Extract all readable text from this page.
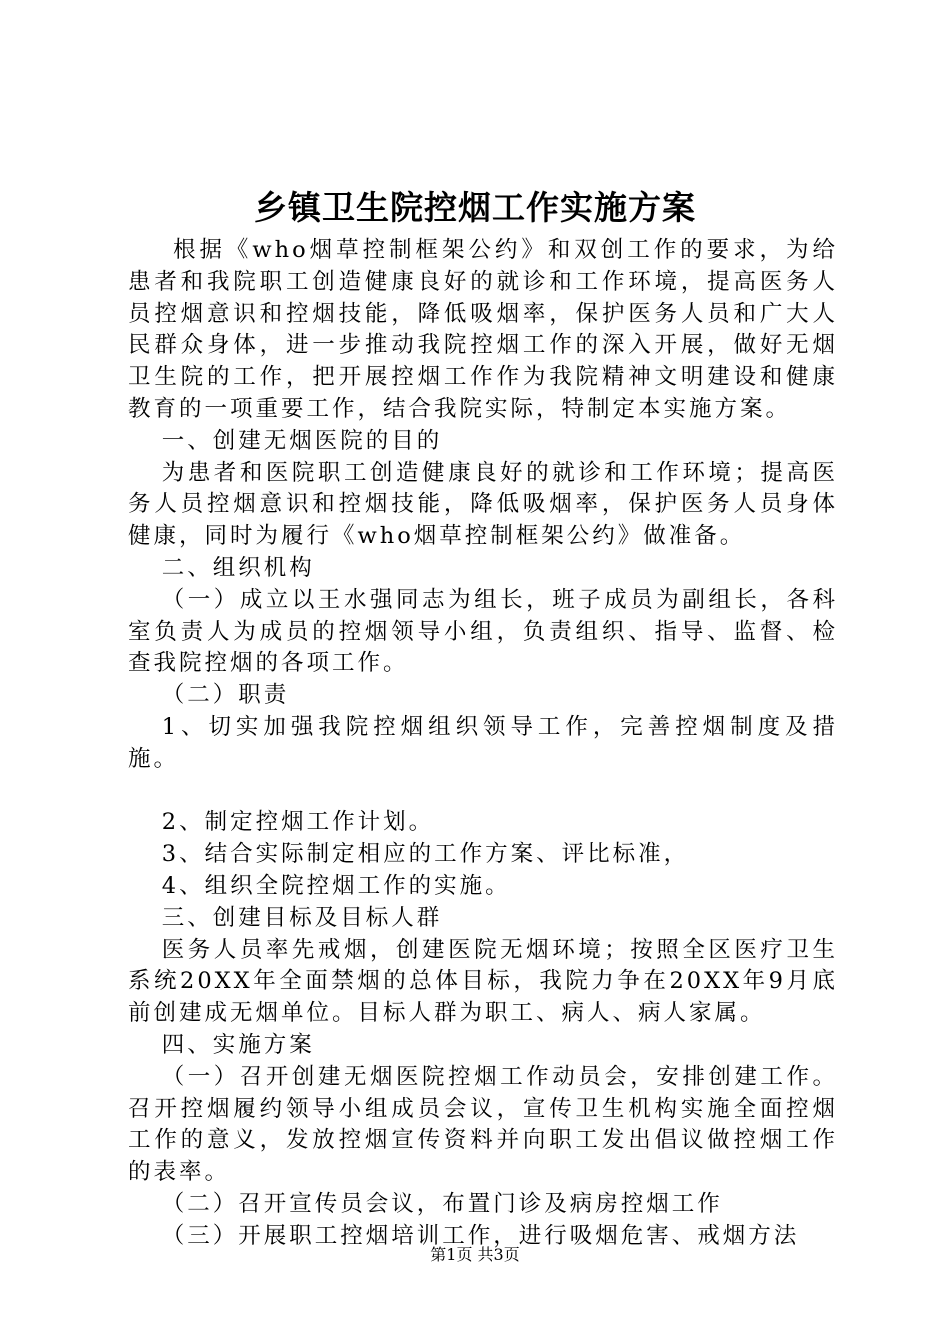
乡镇卫生院控烟工作实施方案

根据《who烟草控制框架公约》和双创工作的要求，为给患者和我院职工创造健康良好的就诊和工作环境，提高医务人员控烟意识和控烟技能，降低吸烟率，保护医务人员和广大人民群众身体，进一步推动我院控烟工作的深入开展，做好无烟卫生院的工作，把开展控烟工作作为我院精神文明建设和健康教育的一项重要工作，结合我院实际，特制定本实施方案。

一、创建无烟医院的目的

为患者和医院职工创造健康良好的就诊和工作环境；提高医务人员控烟意识和控烟技能，降低吸烟率，保护医务人员身体健康，同时为履行《who烟草控制框架公约》做准备。

二、组织机构

（一）成立以王水强同志为组长，班子成员为副组长，各科室负责人为成员的控烟领导小组，负责组织、指导、监督、检查我院控烟的各项工作。

（二）职责

1、切实加强我院控烟组织领导工作，完善控烟制度及措施。

2、制定控烟工作计划。

3、结合实际制定相应的工作方案、评比标准，

4、组织全院控烟工作的实施。

三、创建目标及目标人群

医务人员率先戒烟，创建医院无烟环境；按照全区医疗卫生系统20XX年全面禁烟的总体目标，我院力争在20XX年9月底前创建成无烟单位。目标人群为职工、病人、病人家属。

四、实施方案

（一）召开创建无烟医院控烟工作动员会，安排创建工作。召开控烟履约领导小组成员会议，宣传卫生机构实施全面控烟工作的意义，发放控烟宣传资料并向职工发出倡议做控烟工作的表率。

（二）召开宣传员会议，布置门诊及病房控烟工作

（三）开展职工控烟培训工作，进行吸烟危害、戒烟方法

第1页 共3页
